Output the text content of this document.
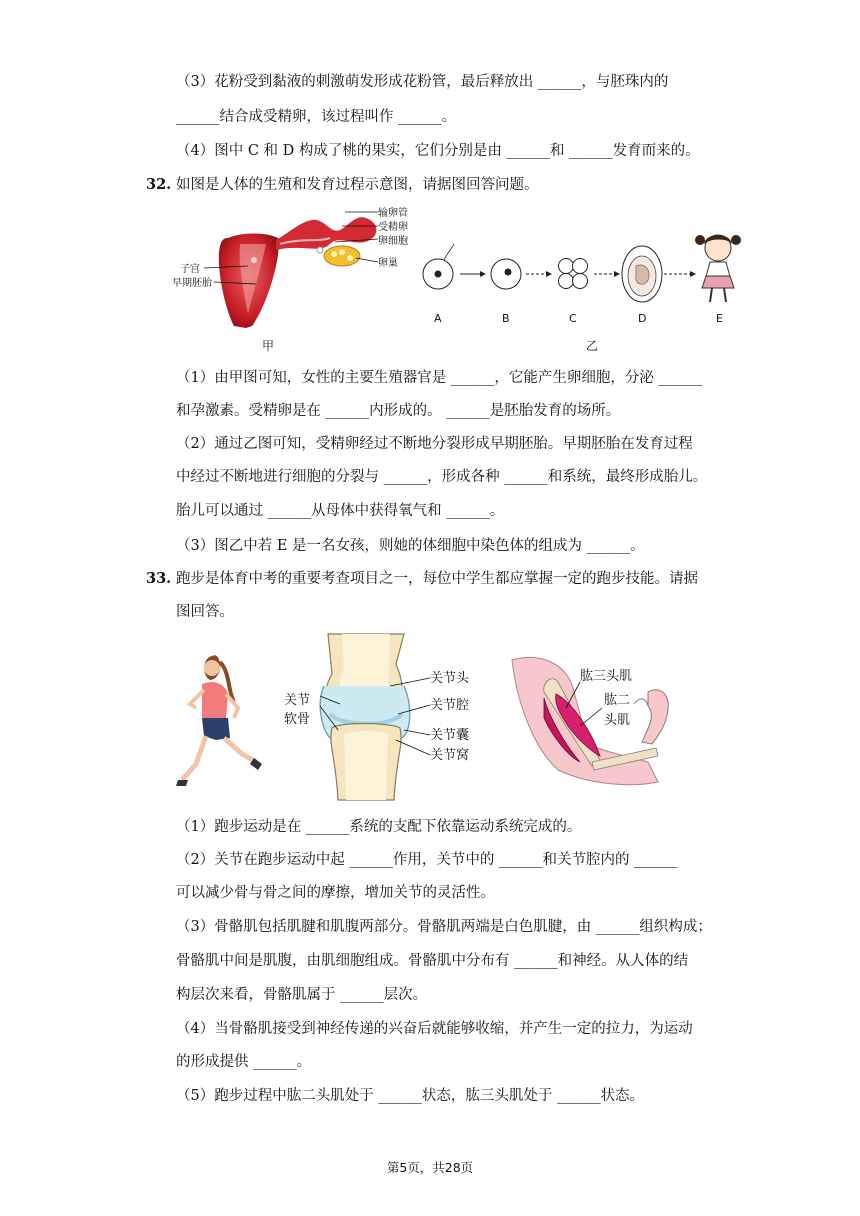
（3）花粉受到黏液的刺激萌发形成花粉管，最后释放出 ______，与胚珠内的
______结合成受精卵，该过程叫作 ______。
（4）图中 C 和 D 构成了桃的果实，它们分别是由 ______和 ______发育而来的。
32. 如图是人体的生殖和发育过程示意图，请据图回答问题。
输卵管
受精卵
卵细胞
卵巢
子宫
早期胚胎
甲
A	B	C	D	E
乙
（1）由甲图可知，女性的主要生殖器官是 ______，它能产生卵细胞，分泌 ______
和孕激素。受精卵是在 ______内形成的。 ______是胚胎发育的场所。
（2）通过乙图可知，受精卵经过不断地分裂形成早期胚胎。早期胚胎在发育过程
中经过不断地进行细胞的分裂与 ______，形成各种 ______和系统，最终形成胎儿。
胎儿可以通过 ______从母体中获得氧气和 ______。
（3）图乙中若 E 是一名女孩，则她的体细胞中染色体的组成为 ______。
33. 跑步是体育中考的重要考查项目之一，每位中学生都应掌握一定的跑步技能。请据
图回答。
关节
软骨
关节头
关节腔
关节囊
关节窝
肱三头肌
肱二
头肌
（1）跑步运动是在 ______系统的支配下依靠运动系统完成的。
（2）关节在跑步运动中起 ______作用，关节中的 ______和关节腔内的 ______
可以减少骨与骨之间的摩擦，增加关节的灵活性。
（3）骨骼肌包括肌腱和肌腹两部分。骨骼肌两端是白色肌腱，由 ______组织构成；
骨骼肌中间是肌腹，由肌细胞组成。骨骼肌中分布有 ______和神经。从人体的结
构层次来看，骨骼肌属于 ______层次。
（4）当骨骼肌接受到神经传递的兴奋后就能够收缩，并产生一定的拉力，为运动
的形成提供 ______。
（5）跑步过程中肱二头肌处于 ______状态，肱三头肌处于 ______状态。
第5页，共28页
